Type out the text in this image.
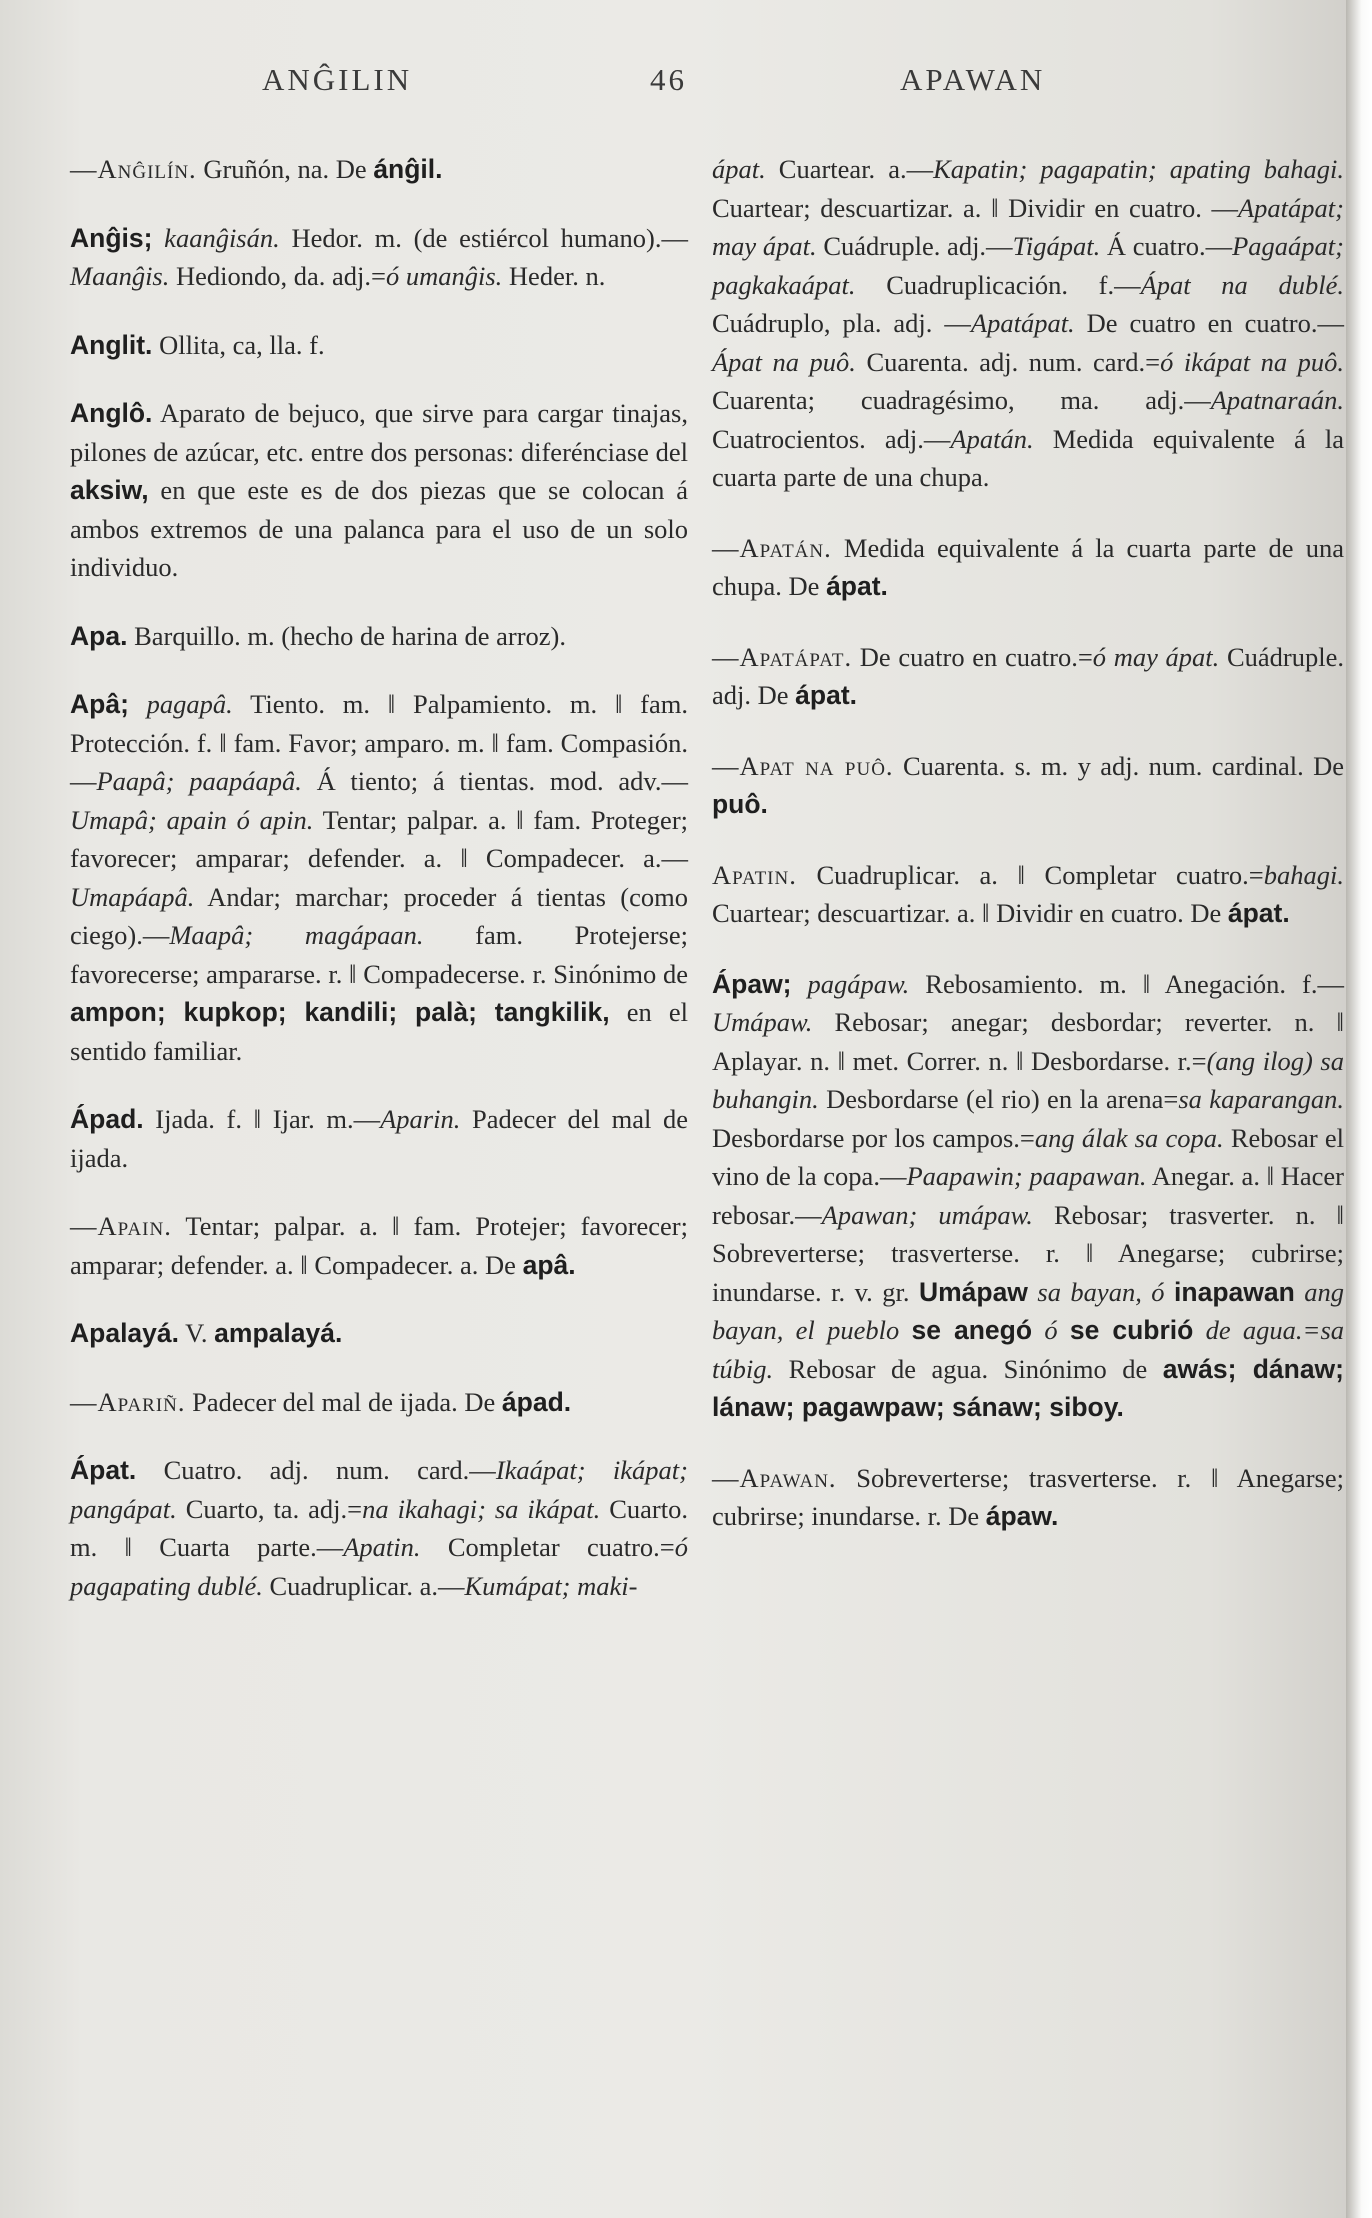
ANĜILIN	46	APAWAN

—Anĝilín. Gruñón, na. De ánĝil.

Anĝis; kaanĝisán. Hedor. m. (de estiércol humano).—Maanĝis. Hediondo, da. adj.=ó umanĝis. Heder. n.

Anglit. Ollita, ca, lla. f.

Anglô. Aparato de bejuco, que sirve para cargar tinajas, pilones de azúcar, etc. entre dos personas: diferénciase del aksiw, en que este es de dos piezas que se colocan á ambos extremos de una palanca para el uso de un solo individuo.

Apa. Barquillo. m. (hecho de harina de arroz).

Apâ; pagapâ. Tiento. m. ǁ Palpamiento. m. ǁ fam. Protección. f. ǁ fam. Favor; amparo. m. ǁ fam. Compasión.—Paapâ; paapáapâ. Á tiento; á tientas. mod. adv.—Umapâ; apain ó apin. Tentar; palpar. a. ǁ fam. Proteger; favorecer; amparar; defender. a. ǁ Compadecer. a.—Umapáapâ. Andar; marchar; proceder á tientas (como ciego).—Maapâ; magápaan. fam. Protejerse; favorecerse; ampararse. r. ǁ Compadecerse. r. Sinónimo de ampon; kupkop; kandili; palà; tangkilik, en el sentido familiar.

Ápad. Ijada. f. ǁ Ijar. m.—Aparin. Padecer del mal de ijada.

—Apain. Tentar; palpar. a. ǁ fam. Protejer; favorecer; amparar; defender. a. ǁ Compadecer. a. De apâ.

Apalayá. V. ampalayá.

—Apariñ. Padecer del mal de ijada. De ápad.

Ápat. Cuatro. adj. num. card.—Ikaápat; ikápat; pangápat. Cuarto, ta. adj.=na ikahagi; sa ikápat. Cuarto. m. ǁ Cuarta parte.—Apatin. Completar cuatro.=ó pagapating dublé. Cuadruplicar. a.—Kumápat; maki-

ápat. Cuartear. a.—Kapatin; pagapatin; apating bahagi. Cuartear; descuartizar. a. ǁ Dividir en cuatro. —Apatápat; may ápat. Cuádruple. adj.—Tigápat. Á cuatro.—Pagaápat; pagkakaápat. Cuadruplicación. f.—Ápat na dublé. Cuádruplo, pla. adj. —Apatápat. De cuatro en cuatro.—Ápat na puô. Cuarenta. adj. num. card.=ó ikápat na puô. Cuarenta; cuadragésimo, ma. adj.—Apatnaraán. Cuatrocientos. adj.—Apatán. Medida equivalente á la cuarta parte de una chupa.

—Apatán. Medida equivalente á la cuarta parte de una chupa. De ápat.

—Apatápat. De cuatro en cuatro.=ó may ápat. Cuádruple. adj. De ápat.

—Apat na puô. Cuarenta. s. m. y adj. num. cardinal. De puô.

Apatin. Cuadruplicar. a. ǁ Completar cuatro.=bahagi. Cuartear; descuartizar. a. ǁ Dividir en cuatro. De ápat.

Ápaw; pagápaw. Rebosamiento. m. ǁ Anegación. f.—Umápaw. Rebosar; anegar; desbordar; reverter. n. ǁ Aplayar. n. ǁ met. Correr. n. ǁ Desbordarse. r.=(ang ilog) sa buhangin. Desbordarse (el rio) en la arena=sa kaparangan. Desbordarse por los campos.=ang álak sa copa. Rebosar el vino de la copa.—Paapawin; paapawan. Anegar. a. ǁ Hacer rebosar.—Apawan; umápaw. Rebosar; trasverter. n. ǁ Sobreverterse; trasverterse. r. ǁ Anegarse; cubrirse; inundarse. r. v. gr. Umápaw sa bayan, ó inapawan ang bayan, el pueblo se anegó ó se cubrió de agua.=sa túbig. Rebosar de agua. Sinónimo de awás; dánaw; lánaw; pagawpaw; sánaw; siboy.

—Apawan. Sobreverterse; trasverterse. r. ǁ Anegarse; cubrirse; inundarse. r. De ápaw.
